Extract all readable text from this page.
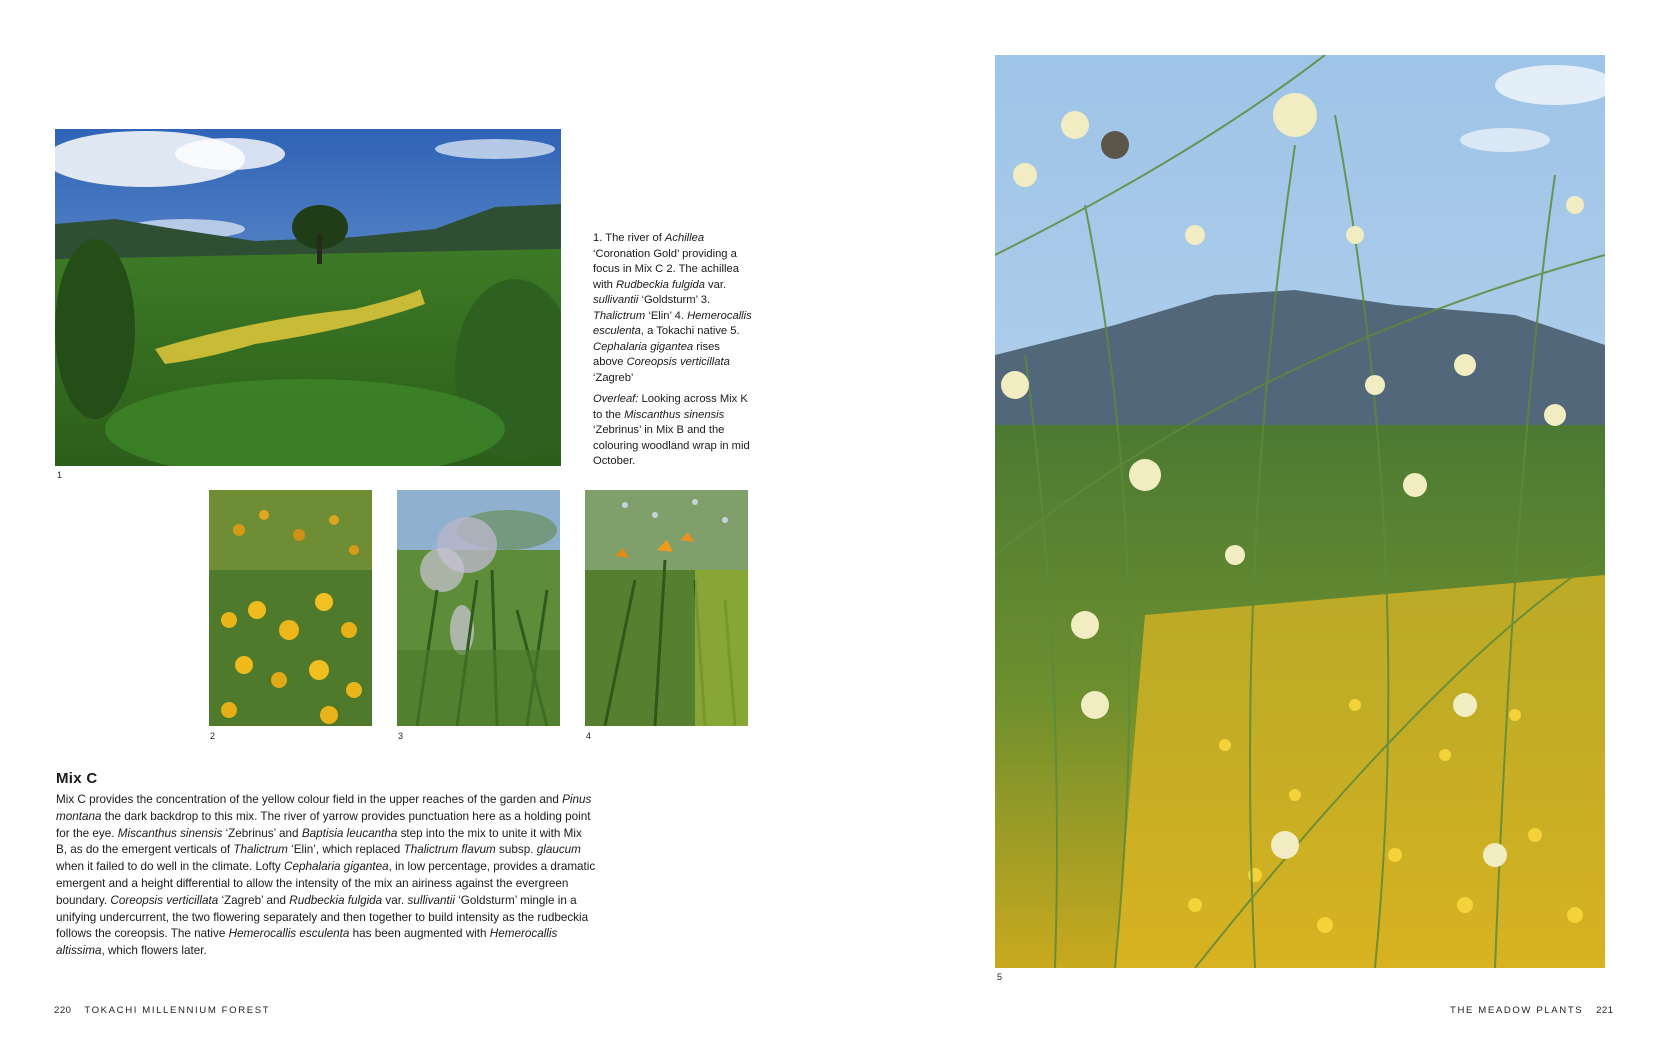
1

1. The river of Achillea ‘Coronation Gold’ providing a focus in Mix C 2. The achillea with Rudbeckia fulgida var. sullivantii ‘Goldsturm’ 3. Thalictrum ‘Elin’ 4. Hemerocallis esculenta, a Tokachi native 5. Cephalaria gigantea rises above Coreopsis verticillata ‘Zagreb’

Overleaf: Looking across Mix K to the Miscanthus sinensis ‘Zebrinus’ in Mix B and the colouring woodland wrap in mid October.

2	3	4
Mix C

Mix C provides the concentration of the yellow colour field in the upper reaches of the garden and Pinus montana the dark backdrop to this mix. The river of yarrow provides punctuation here as a holding point for the eye. Miscanthus sinensis ‘Zebrinus’ and Baptisia leucantha step into the mix to unite it with Mix B, as do the emergent verticals of Thalictrum ‘Elin’, which replaced Thalictrum flavum subsp. glaucum when it failed to do well in the climate. Lofty Cephalaria gigantea, in low percentage, provides a dramatic emergent and a height differential to allow the intensity of the mix an airiness against the evergreen boundary. Coreopsis verticillata ‘Zagreb’ and Rudbeckia fulgida var. sullivantii ‘Goldsturm’ mingle in a unifying undercurrent, the two flowering separately and then together to build intensity as the rudbeckia follows the coreopsis. The native Hemerocallis esculenta has been augmented with Hemerocallis altissima, which flowers later.

5
220 TOKACHI MILLENNIUM FOREST	THE MEADOW PLANTS 221
